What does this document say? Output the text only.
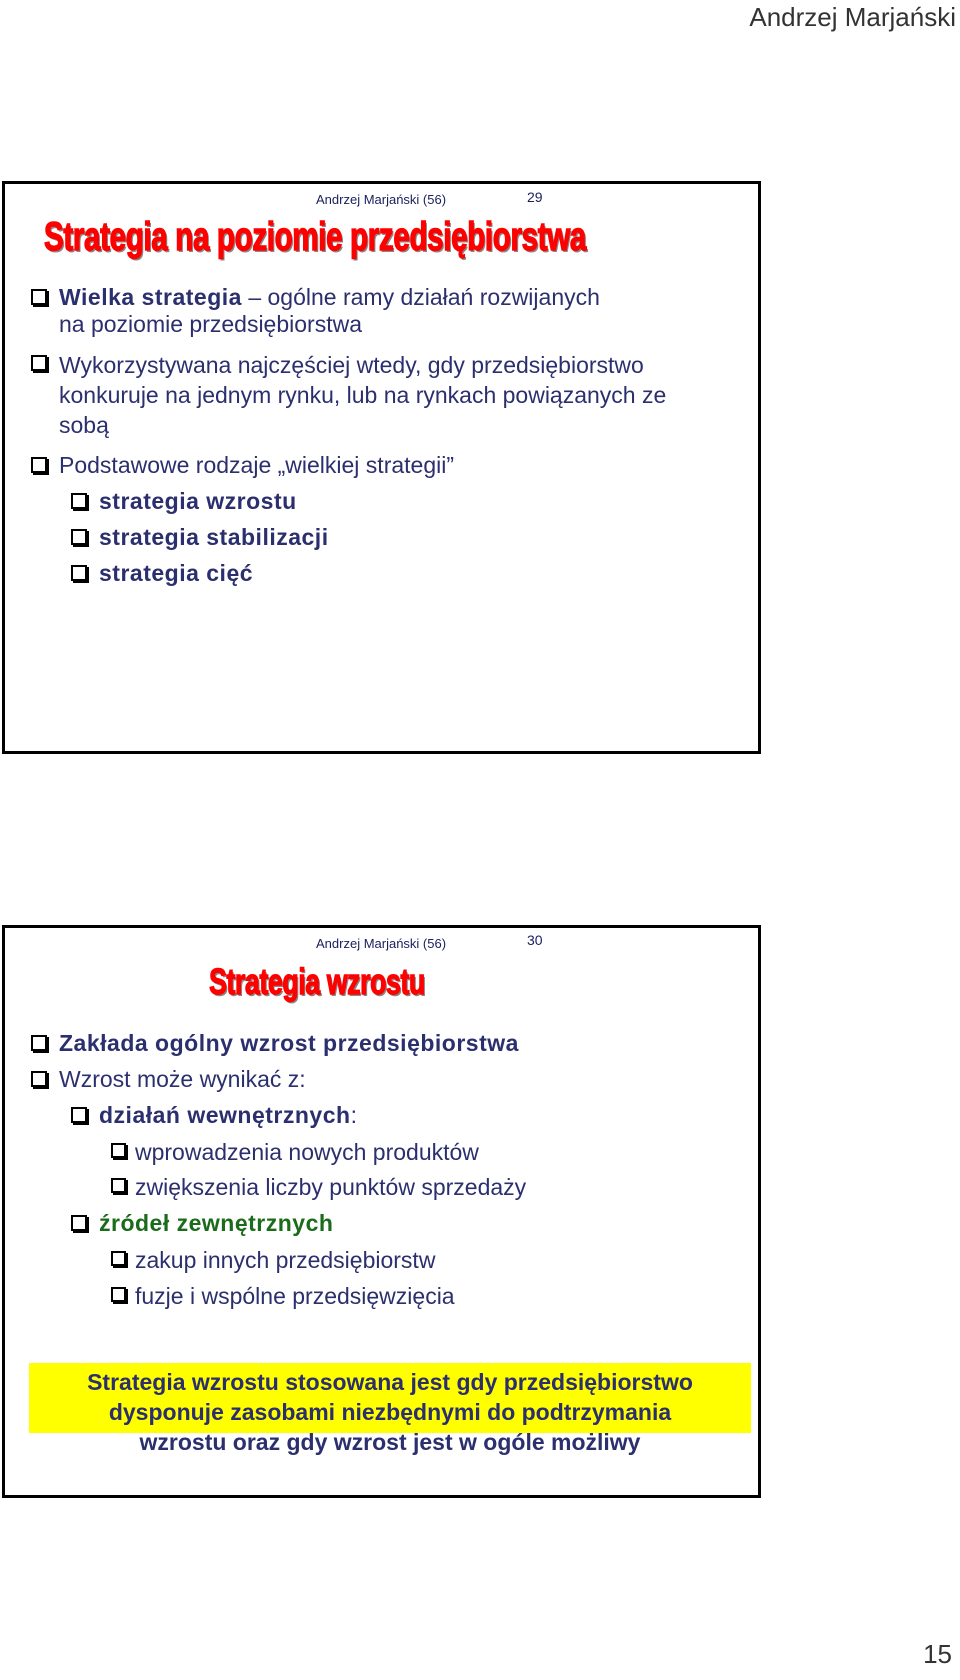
Andrzej Marjański
Andrzej Marjański (56)	29
Strategia na poziomie przedsiębiorstwa
Wielka strategia – ogólne ramy działań rozwijanych
na poziomie przedsiębiorstwa
Wykorzystywana najczęściej wtedy, gdy przedsiębiorstwo
konkuruje na jednym rynku, lub na rynkach powiązanych ze
sobą
Podstawowe rodzaje „wielkiej strategii”
strategia wzrostu
strategia stabilizacji
strategia cięć
Andrzej Marjański (56)	30
Strategia wzrostu
Zakłada ogólny wzrost przedsiębiorstwa
Wzrost może wynikać z:
działań wewnętrznych:
wprowadzenia nowych produktów
zwiększenia liczby punktów sprzedaży
źródeł zewnętrznych
zakup innych przedsiębiorstw
fuzje i wspólne przedsięwzięcia
Strategia wzrostu stosowana jest gdy przedsiębiorstwo
dysponuje zasobami niezbędnymi do podtrzymania
wzrostu oraz gdy wzrost jest w ogóle możliwy
15
